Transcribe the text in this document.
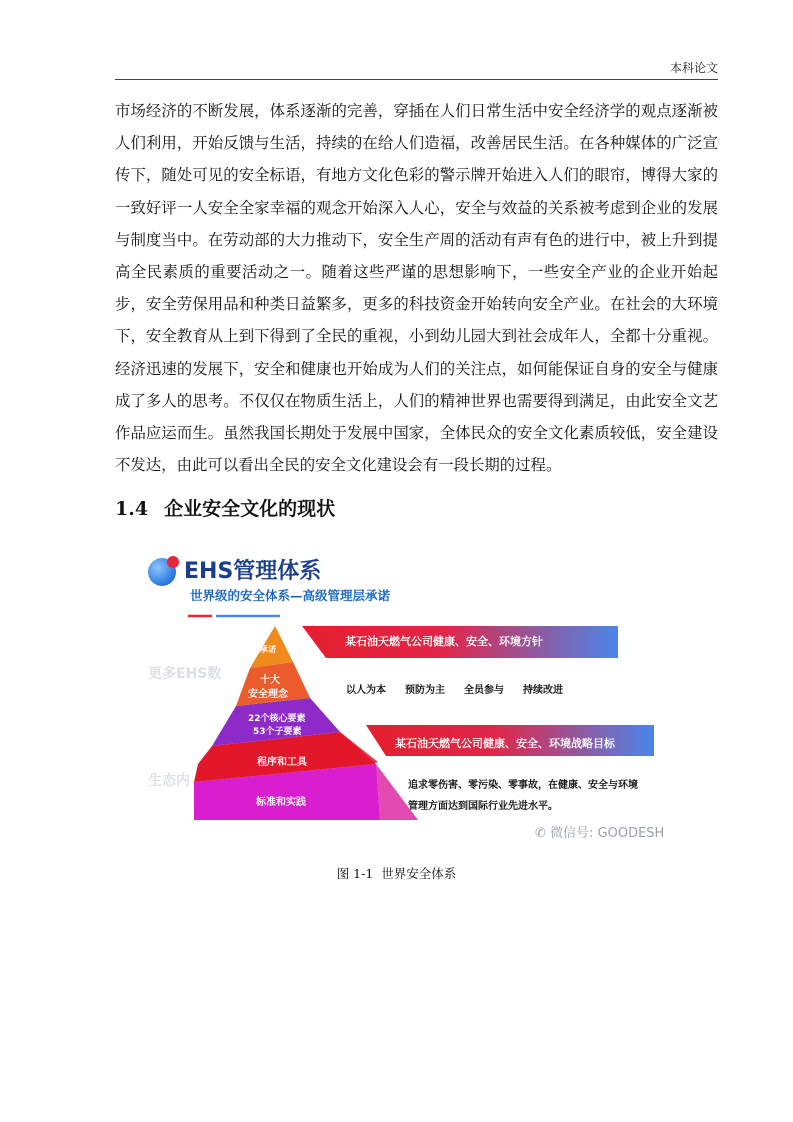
本科论文

市场经济的不断发展，体系逐渐的完善，穿插在人们日常生活中安全经济学的观点逐渐被人们利用，开始反馈与生活，持续的在给人们造福，改善居民生活。在各种媒体的广泛宣传下，随处可见的安全标语，有地方文化色彩的警示牌开始进入人们的眼帘，博得大家的一致好评一人安全全家幸福的观念开始深入人心，安全与效益的关系被考虑到企业的发展与制度当中。在劳动部的大力推动下，安全生产周的活动有声有色的进行中，被上升到提高全民素质的重要活动之一。随着这些严谨的思想影响下，一些安全产业的企业开始起步，安全劳保用品和种类日益繁多，更多的科技资金开始转向安全产业。在社会的大环境下，安全教育从上到下得到了全民的重视，小到幼儿园大到社会成年人，全都十分重视。经济迅速的发展下，安全和健康也开始成为人们的关注点，如何能保证自身的安全与健康成了多人的思考。不仅仅在物质生活上，人们的精神世界也需要得到满足，由此安全文艺作品应运而生。虽然我国长期处于发展中国家，全体民众的安全文化素质较低，安全建设不发达，由此可以看出全民的安全文化建设会有一段长期的过程。

1.4 企业安全文化的现状
EHS管理体系
世界级的安全体系—高级管理层承诺
某石油天燃气公司健康、安全、环境方针
以人为本 预防为主 全员参与 持续改进
某石油天燃气公司健康、安全、环境战略目标
追求零伤害、零污染、零事故，在健康、安全与环境
管理方面达到国际行业先进水平。
承诺
十大
安全理念
22个核心要素
53个子要素
程序和工具
标准和实践
更多EHS数
生态内
✆ 微信号: GOODESH
图 1-1 世界安全体系
